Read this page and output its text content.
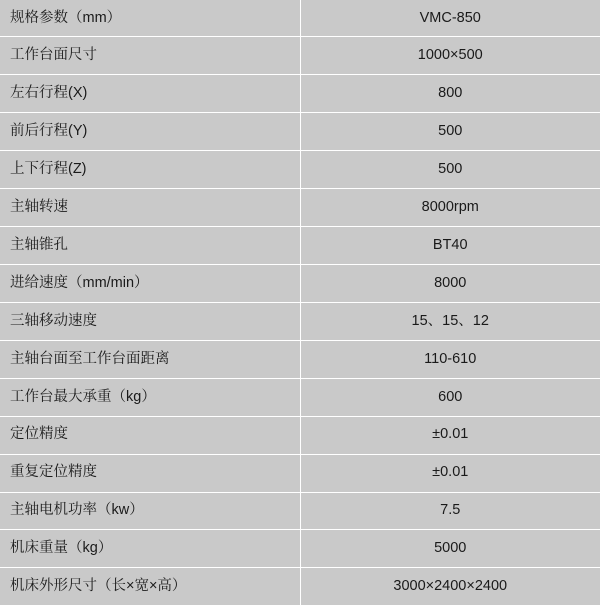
规格参数（mm）	VMC-850
工作台面尺寸	1000×500
左右行程(X)	800
前后行程(Y)	500
上下行程(Z)	500
主轴转速	8000rpm
主轴锥孔	BT40
进给速度（mm/min）	8000
三轴移动速度	15、15、12
主轴台面至工作台面距离	110-610
工作台最大承重（kg）	600
定位精度	±0.01
重复定位精度	±0.01
主轴电机功率（kw）	7.5
机床重量（kg）	5000
机床外形尺寸（长×宽×高）	3000×2400×2400
